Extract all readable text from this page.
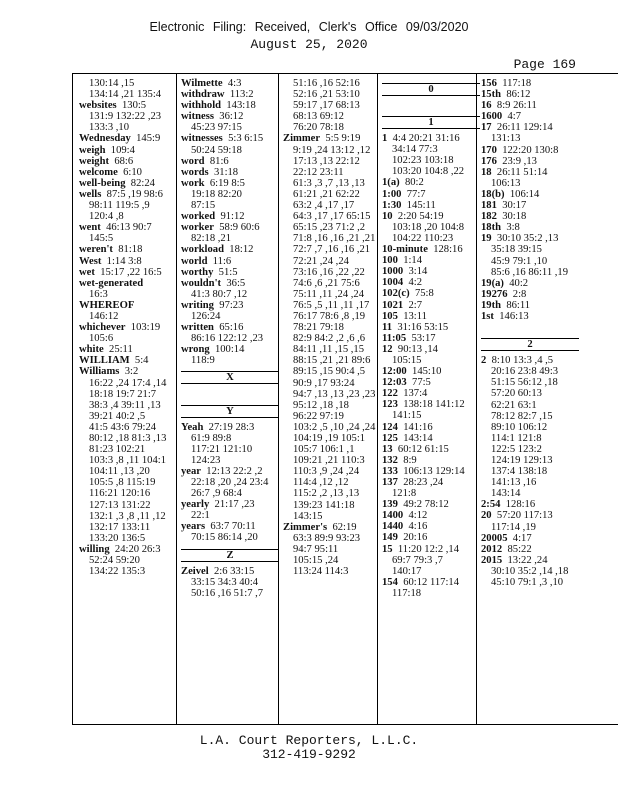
Electronic Filing: Received, Clerk's Office 09/03/2020
August 25, 2020
Page 169
130:14 ,15
134:14 ,21 135:4
websites 130:5
131:9 132:22 ,23
133:3 ,10
Wednesday 145:9
weigh 109:4
weight 68:6
welcome 6:10
well-being 82:24
wells 87:5 ,19 98:6
98:11 119:5 ,9
120:4 ,8
went 46:13 90:7
145:5
weren't 81:18
West 1:14 3:8
wet 15:17 ,22 16:5
wet-generated
16:3
WHEREOF
146:12
whichever 103:19
105:6
white 25:11
WILLIAM 5:4
Williams 3:2
16:22 ,24 17:4 ,14
18:18 19:7 21:7
38:3 ,4 39:11 ,13
39:21 40:2 ,5
41:5 43:6 79:24
80:12 ,18 81:3 ,13
81:23 102:21
103:3 ,8 ,11 104:1
104:11 ,13 ,20
105:5 ,8 115:19
116:21 120:16
127:13 131:22
132:1 ,3 ,8 ,11 ,12
132:17 133:11
133:20 136:5
willing 24:20 26:3
52:24 59:20
134:22 135:3
Wilmette 4:3
withdraw 113:2
withhold 143:18
witness 36:12
45:23 97:15
witnesses 5:3 6:15
50:24 59:18
word 81:6
words 31:18
work 6:19 8:5
19:18 82:20
87:15
worked 91:12
worker 58:9 60:6
82:18 ,21
workload 18:12
world 11:6
worthy 51:5
wouldn't 36:5
41:3 80:7 ,12
writing 97:23
126:24
written 65:16
86:16 122:12 ,23
wrong 100:14
118:9
X

Y
Yeah 27:19 28:3
61:9 89:8
117:21 121:10
124:23
year 12:13 22:2 ,2
22:18 ,20 ,24 23:4
26:7 ,9 68:4
yearly 21:17 ,23
22:1
years 63:7 70:11
70:15 86:14 ,20
Z
Zeivel 2:6 33:15
33:15 34:3 40:4
50:16 ,16 51:7 ,7
51:16 ,16 52:16
52:16 ,21 53:10
59:17 ,17 68:13
68:13 69:12
76:20 78:18
Zimmer 5:5 9:19
9:19 ,24 13:12 ,12
17:13 ,13 22:12
22:12 23:11
61:3 ,3 ,7 ,13 ,13
61:21 ,21 62:22
63:2 ,4 ,17 ,17
64:3 ,17 ,17 65:15
65:15 ,23 71:2 ,2
71:8 ,16 ,16 ,21 ,21
72:7 ,7 ,16 ,16 ,21
72:21 ,24 ,24
73:16 ,16 ,22 ,22
74:6 ,6 ,21 75:6
75:11 ,11 ,24 ,24
76:5 ,5 ,11 ,11 ,17
76:17 78:6 ,8 ,19
78:21 79:18
82:9 84:2 ,2 ,6 ,6
84:11 ,11 ,15 ,15
88:15 ,21 ,21 89:6
89:15 ,15 90:4 ,5
90:9 ,17 93:24
94:7 ,13 ,13 ,23 ,23
95:12 ,18 ,18
96:22 97:19
103:2 ,5 ,10 ,24 ,24
104:19 ,19 105:1
105:7 106:1 ,1
109:21 ,21 110:3
110:3 ,9 ,24 ,24
114:4 ,12 ,12
115:2 ,2 ,13 ,13
139:23 141:18
143:15
Zimmer's 62:19
63:3 89:9 93:23
94:7 95:11
105:15 ,24
113:24 114:3
0

1
1 4:4 20:21 31:16
34:14 77:3
102:23 103:18
103:20 104:8 ,22
1(a) 80:2
1:00 77:7
1:30 145:11
10 2:20 54:19
103:18 ,20 104:8
104:22 110:23
10-minute 128:16
100 1:14
1000 3:14
1004 4:2
102(c) 75:8
1021 2:7
105 13:11
11 31:16 53:15
11:05 53:17
12 90:13 ,14
105:15
12:00 145:10
12:03 77:5
122 137:4
123 138:18 141:12
141:15
124 141:16
125 143:14
13 60:12 61:15
132 8:9
133 106:13 129:14
137 28:23 ,24
121:8
139 49:2 78:12
1400 4:12
1440 4:16
149 20:16
15 11:20 12:2 ,14
69:7 79:3 ,7
140:17
154 60:12 117:14
117:18
156 117:18
15th 86:12
16 8:9 26:11
1600 4:7
17 26:11 129:14
131:13
170 122:20 130:8
176 23:9 ,13
18 26:11 51:14
106:13
18(b) 106:14
181 30:17
182 30:18
18th 3:8
19 30:10 35:2 ,13
35:18 39:15
45:9 79:1 ,10
85:6 ,16 86:11 ,19
19(a) 40:2
19276 2:8
19th 86:11
1st 146:13

2
2 8:10 13:3 ,4 ,5
20:16 23:8 49:3
51:15 56:12 ,18
57:20 60:13
62:21 63:1
78:12 82:7 ,15
89:10 106:12
114:1 121:8
122:5 123:2
124:19 129:13
137:4 138:18
141:13 ,16
143:14
2:54 128:16
20 57:20 117:13
117:14 ,19
20005 4:17
2012 85:22
2015 13:22 ,24
30:10 35:2 ,14 ,18
45:10 79:1 ,3 ,10
L.A. Court Reporters, L.L.C.
312-419-9292
